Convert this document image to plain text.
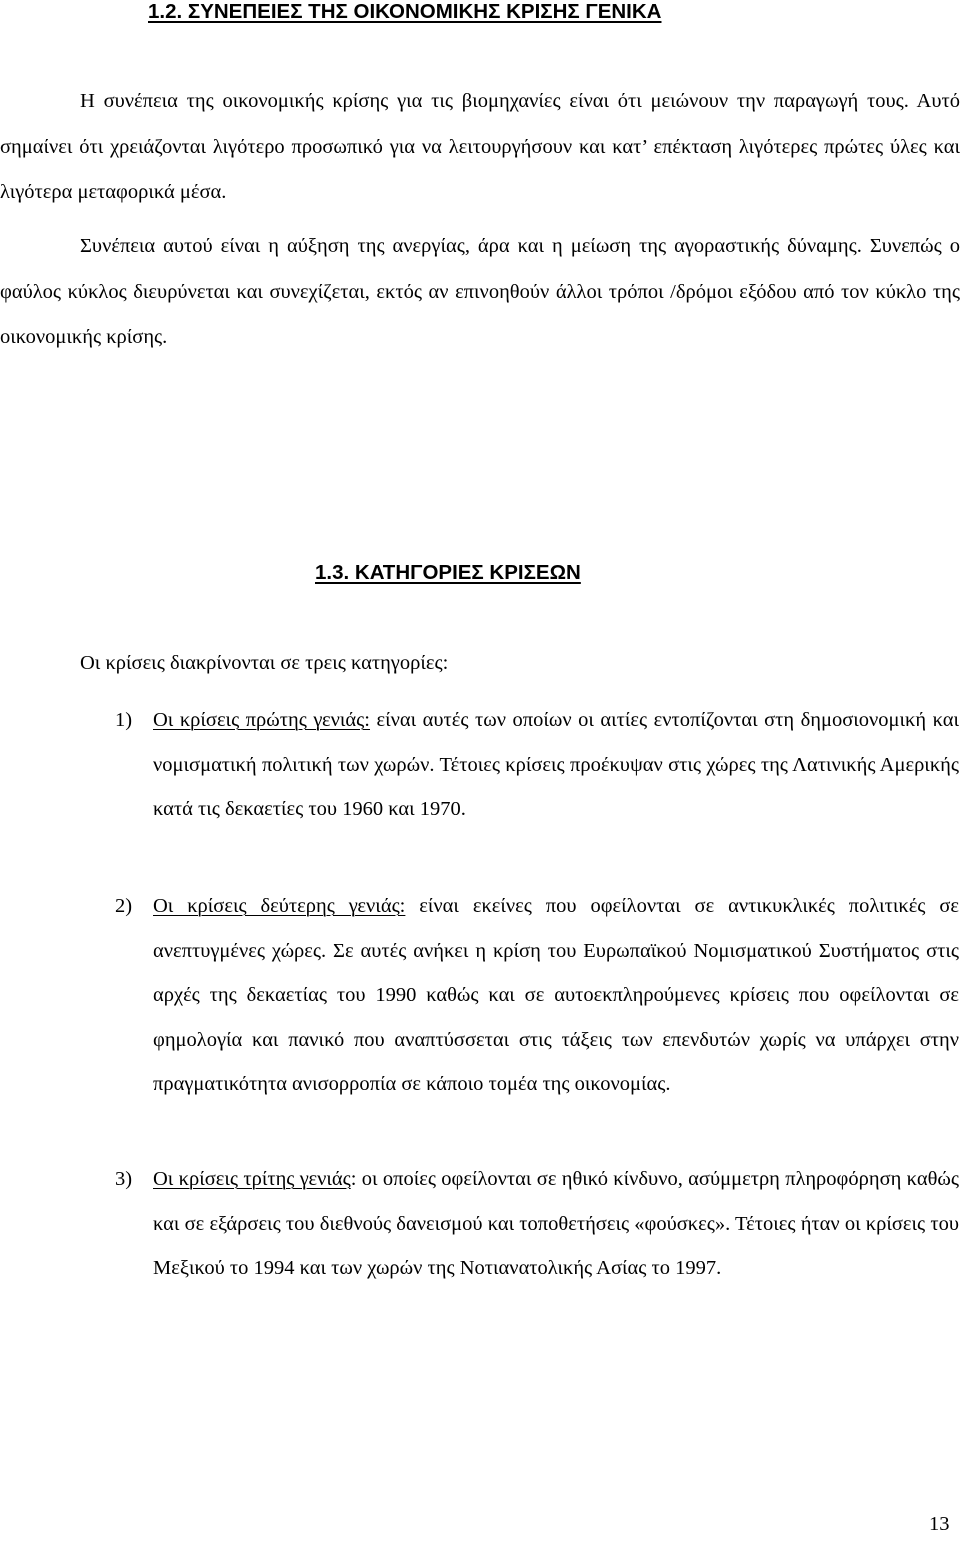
1.2. ΣΥΝΕΠΕΙΕΣ ΤΗΣ ΟΙΚΟΝΟΜΙΚΗΣ ΚΡΙΣΗΣ ΓΕΝΙΚΑ

Η συνέπεια της οικονομικής κρίσης για τις βιομηχανίες είναι ότι μειώνουν την παραγωγή τους. Αυτό σημαίνει ότι χρειάζονται λιγότερο προσωπικό για να λειτουργήσουν και κατ’ επέκταση λιγότερες πρώτες ύλες και λιγότερα μεταφορικά μέσα.

Συνέπεια αυτού είναι η αύξηση της ανεργίας, άρα και η μείωση της αγοραστικής δύναμης. Συνεπώς ο φαύλος κύκλος διευρύνεται και συνεχίζεται, εκτός αν επινοηθούν άλλοι τρόποι /δρόμοι εξόδου από τον κύκλο της οικονομικής κρίσης.

1.3. ΚΑΤΗΓΟΡΙΕΣ ΚΡΙΣΕΩΝ

Οι κρίσεις διακρίνονται σε τρεις κατηγορίες:

1) Οι κρίσεις πρώτης γενιάς: είναι αυτές των οποίων οι αιτίες εντοπίζονται στη δημοσιονομική και νομισματική πολιτική των χωρών. Τέτοιες κρίσεις προέκυψαν στις χώρες της Λατινικής Αμερικής κατά τις δεκαετίες του 1960 και 1970.
2) Οι κρίσεις δεύτερης γενιάς: είναι εκείνες που οφείλονται σε αντικυκλικές πολιτικές σε ανεπτυγμένες χώρες. Σε αυτές ανήκει η κρίση του Ευρωπαϊκού Νομισματικού Συστήματος στις αρχές της δεκαετίας του 1990 καθώς και σε αυτοεκπληρούμενες κρίσεις που οφείλονται σε φημολογία και πανικό που αναπτύσσεται στις τάξεις των επενδυτών χωρίς να υπάρχει στην πραγματικότητα ανισορροπία σε κάποιο τομέα της οικονομίας.
3) Οι κρίσεις τρίτης γενιάς: οι οποίες οφείλονται σε ηθικό κίνδυνο, ασύμμετρη πληροφόρηση καθώς και σε εξάρσεις του διεθνούς δανεισμού και τοποθετήσεις «φούσκες». Τέτοιες ήταν οι κρίσεις του Μεξικού το 1994 και των χωρών της Νοτιανατολικής Ασίας το 1997.

13
